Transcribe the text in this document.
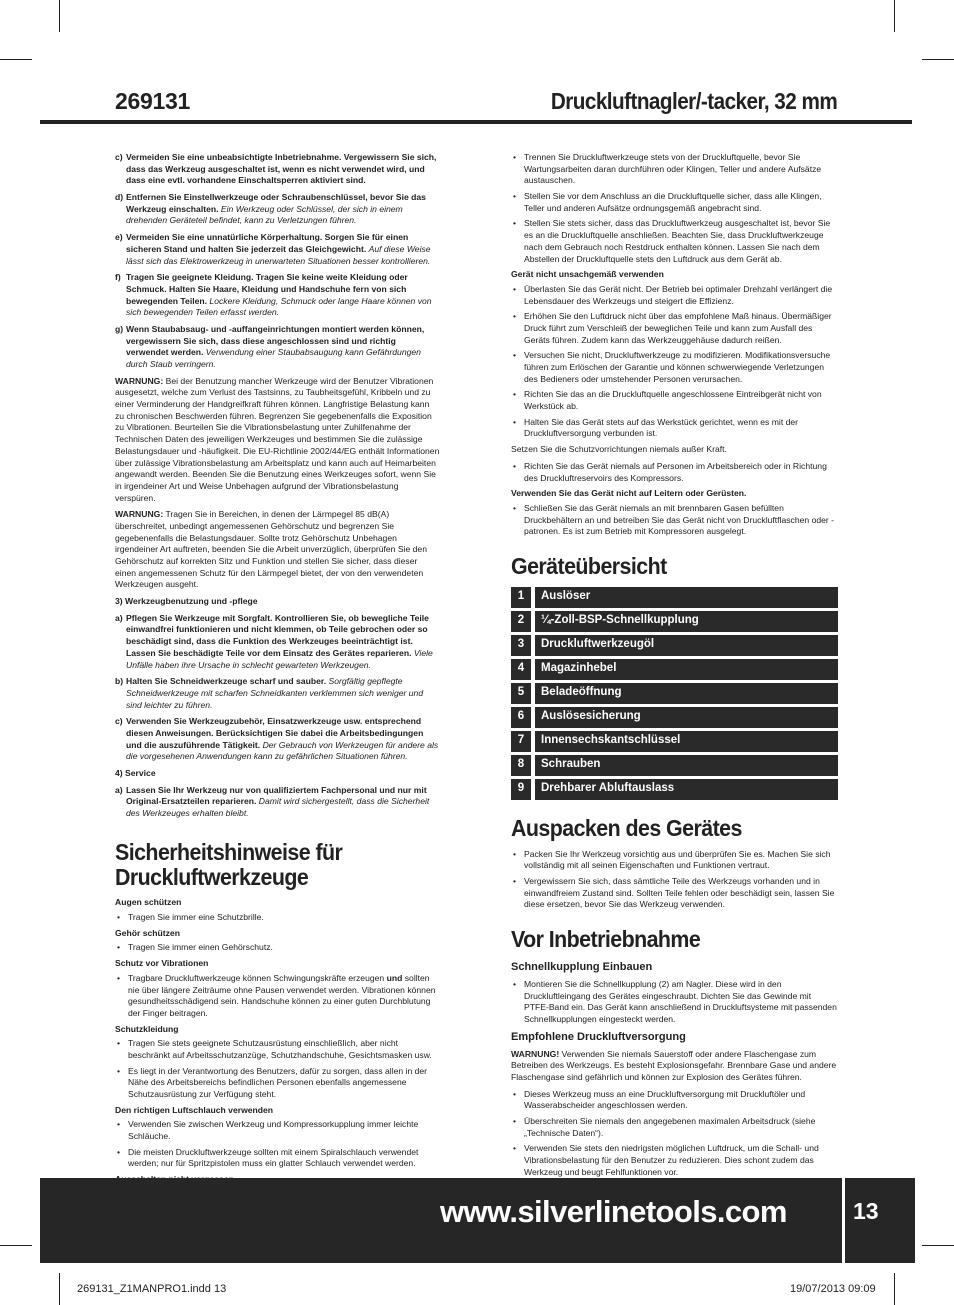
269131	Druckluftnagler/-tacker, 32 mm
c) Vermeiden Sie eine unbeabsichtigte Inbetriebnahme. Vergewissern Sie sich, dass das Werkzeug ausgeschaltet ist, wenn es nicht verwendet wird, und dass eine evtl. vorhandene Einschaltsperren aktiviert sind.
d) Entfernen Sie Einstellwerkzeuge oder Schraubenschlüssel, bevor Sie das Werkzeug einschalten. Ein Werkzeug oder Schlüssel, der sich in einem drehenden Geräteteil befindet, kann zu Verletzungen führen.
e) Vermeiden Sie eine unnatürliche Körperhaltung. Sorgen Sie für einen sicheren Stand und halten Sie jederzeit das Gleichgewicht. Auf diese Weise lässt sich das Elektrowerkzeug in unerwarteten Situationen besser kontrollieren.
f) Tragen Sie geeignete Kleidung. Tragen Sie keine weite Kleidung oder Schmuck. Halten Sie Haare, Kleidung und Handschuhe fern von sich bewegenden Teilen. Lockere Kleidung, Schmuck oder lange Haare können von sich bewegenden Teilen erfasst werden.
g) Wenn Staubabsaug- und -auffangeinrichtungen montiert werden können, vergewissern Sie sich, dass diese angeschlossen sind und richtig verwendet werden. Verwendung einer Staubabsaugung kann Gefährdungen durch Staub verringern.

WARNUNG: Bei der Benutzung mancher Werkzeuge wird der Benutzer Vibrationen ausgesetzt, welche zum Verlust des Tastsinns, zu Taubheitsgefühl, Kribbeln und zu einer Verminderung der Handgreifkraft führen können. Langfristige Belastung kann zu chronischen Beschwerden führen. Begrenzen Sie gegebenenfalls die Exposition zu Vibrationen. Beurteilen Sie die Vibrationsbelastung unter Zuhilfenahme der Technischen Daten des jeweiligen Werkzeuges und bestimmen Sie die zulässige Belastungsdauer und -häufigkeit. Die EU-Richtlinie 2002/44/EG enthält Informationen über zulässige Vibrationsbelastung am Arbeitsplatz und kann auch auf Heimarbeiten angewandt werden. Beenden Sie die Benutzung eines Werkzeuges sofort, wenn Sie in irgendeiner Art und Weise Unbehagen aufgrund der Vibrationsbelastung verspüren.

WARNUNG: Tragen Sie in Bereichen, in denen der Lärmpegel 85 dB(A) überschreitet, unbedingt angemessenen Gehörschutz und begrenzen Sie gegebenenfalls die Belastungsdauer. Sollte trotz Gehörschutz Unbehagen irgendeiner Art auftreten, beenden Sie die Arbeit unverzüglich, überprüfen Sie den Gehörschutz auf korrekten Sitz und Funktion und stellen Sie sicher, dass dieser einen angemessenen Schutz für den Lärmpegel bietet, der von den verwendeten Werkzeugen ausgeht.

3) Werkzeugbenutzung und -pflege

a) Pflegen Sie Werkzeuge mit Sorgfalt. Kontrollieren Sie, ob bewegliche Teile einwandfrei funktionieren und nicht klemmen, ob Teile gebrochen oder so beschädigt sind, dass die Funktion des Werkzeuges beeinträchtigt ist. Lassen Sie beschädigte Teile vor dem Einsatz des Gerätes reparieren. Viele Unfälle haben ihre Ursache in schlecht gewarteten Werkzeugen.
b) Halten Sie Schneidwerkzeuge scharf und sauber. Sorgfältig gepflegte Schneidwerkzeuge mit scharfen Schneidkanten verklemmen sich weniger und sind leichter zu führen.
c) Verwenden Sie Werkzeugzubehör, Einsatzwerkzeuge usw. entsprechend diesen Anweisungen. Berücksichtigen Sie dabei die Arbeitsbedingungen und die auszuführende Tätigkeit. Der Gebrauch von Werkzeugen für andere als die vorgesehenen Anwendungen kann zu gefährlichen Situationen führen.

4) Service

a) Lassen Sie Ihr Werkzeug nur von qualifiziertem Fachpersonal und nur mit Original-Ersatzteilen reparieren. Damit wird sichergestellt, dass die Sicherheit des Werkzeuges erhalten bleibt.
Sicherheitshinweise für Druckluftwerkzeuge
Augen schützen
• Tragen Sie immer eine Schutzbrille.
Gehör schützen
• Tragen Sie immer einen Gehörschutz.
Schutz vor Vibrationen
• Tragbare Druckluftwerkzeuge können Schwingungskräfte erzeugen und sollten nie über längere Zeiträume ohne Pausen verwendet werden. Vibrationen können gesundheitsschädigend sein. Handschuhe können zu einer guten Durchblutung der Finger beitragen.
Schutzkleidung
• Tragen Sie stets geeignete Schutzausrüstung einschließlich, aber nicht beschränkt auf Arbeitsschutzanzüge, Schutzhandschuhe, Gesichtsmasken usw.
• Es liegt in der Verantwortung des Benutzers, dafür zu sorgen, dass allen in der Nähe des Arbeitsbereichs befindlichen Personen ebenfalls angemessene Schutzausrüstung zur Verfügung steht.
Den richtigen Luftschlauch verwenden
• Verwenden Sie zwischen Werkzeug und Kompressorkupplung immer leichte Schläuche.
• Die meisten Druckluftwerkzeuge sollten mit einem Spiralschlauch verwendet werden; nur für Spritzpistolen muss ein glatter Schlauch verwendet werden.
• Trennen Sie Druckluftwerkzeuge stets von der Druckluftquelle, bevor Sie Wartungsarbeiten daran durchführen oder Klingen, Teller und andere Aufsätze austauschen.
• Stellen Sie vor dem Anschluss an die Druckluftquelle sicher, dass alle Klingen, Teller und anderen Aufsätze ordnungsgemäß angebracht sind.
• Stellen Sie stets sicher, dass das Druckluftwerkzeug ausgeschaltet ist, bevor Sie es an die Druckluftquelle anschließen. Beachten Sie, dass Druckluftwerkzeuge nach dem Gebrauch noch Restdruck enthalten können. Lassen Sie nach dem Abstellen der Druckluftquelle stets den Luftdruck aus dem Gerät ab.
Gerät nicht unsachgemäß verwenden
• Überlasten Sie das Gerät nicht. Der Betrieb bei optimaler Drehzahl verlängert die Lebensdauer des Werkzeugs und steigert die Effizienz.
• Erhöhen Sie den Luftdruck nicht über das empfohlene Maß hinaus. Übermäßiger Druck führt zum Verschleiß der beweglichen Teile und kann zum Ausfall des Geräts führen. Zudem kann das Werkzeuggehäuse dadurch reißen.
• Versuchen Sie nicht, Druckluftwerkzeuge zu modifizieren. Modifikationsversuche führen zum Erlöschen der Garantie und können schwerwiegende Verletzungen des Bedieners oder umstehender Personen verursachen.
• Richten Sie das an die Druckluftquelle angeschlossene Eintreibgerät nicht von Werkstück ab.
• Halten Sie das Gerät stets auf das Werkstück gerichtet, wenn es mit der Druckluftversorgung verbunden ist.

Setzen Sie die Schutzvorrichtungen niemals außer Kraft.

• Richten Sie das Gerät niemals auf Personen im Arbeitsbereich oder in Richtung des Druckluftreservoirs des Kompressors.
Verwenden Sie das Gerät nicht auf Leitern oder Gerüsten.
• Schließen Sie das Gerät niemals an mit brennbaren Gasen befüllten Druckbehältern an und betreiben Sie das Gerät nicht von Druckluftflaschen oder -patronen. Es ist zum Betrieb mit Kompressoren ausgelegt.
Geräteübersicht
1	Auslöser
2	¼-Zoll-BSP-Schnellkupplung
3	Druckluftwerkzeugöl
4	Magazinhebel
5	Beladeöffnung
6	Auslösesicherung
7	Innensechskantschlüssel
8	Schrauben
9	Drehbarer Abluftauslass
Auspacken des Gerätes
• Packen Sie Ihr Werkzeug vorsichtig aus und überprüfen Sie es. Machen Sie sich vollständig mit all seinen Eigenschaften und Funktionen vertraut.
• Vergewissern Sie sich, dass sämtliche Teile des Werkzeugs vorhanden und in einwandfreiem Zustand sind. Sollten Teile fehlen oder beschädigt sein, lassen Sie diese ersetzen, bevor Sie das Werkzeug verwenden.
Vor Inbetriebnahme
Schnellkupplung Einbauen
• Montieren Sie die Schnellkupplung (2) am Nagler. Diese wird in den Druckluftleingang des Gerätes eingeschraubt. Dichten Sie das Gewinde mit PTFE-Band ein. Das Gerät kann anschließend in Druckluftsysteme mit passenden Schnellkupplungen eingesteckt werden.
Empfohlene Druckluftversorgung

WARNUNG! Verwenden Sie niemals Sauerstoff oder andere Flaschengase zum Betreiben des Werkzeugs. Es besteht Explosionsgefahr. Brennbare Gase und andere Flaschengase sind gefährlich und können zur Explosion des Gerätes führen.

• Dieses Werkzeug muss an eine Druckluftversorgung mit Druckluftöler und Wasserabscheider angeschlossen werden.
• Überschreiten Sie niemals den angegebenen maximalen Arbeitsdruck (siehe „Technische Daten“).
• Verwenden Sie stets den niedrigsten möglichen Luftdruck, um die Schall- und Vibrationsbelastung für den Benutzer zu reduzieren. Dies schont zudem das Werkzeug und beugt Fehlfunktionen vor.
www.silverlinetools.com	13
269131_Z1MANPRO1.indd 13	19/07/2013 09:09
